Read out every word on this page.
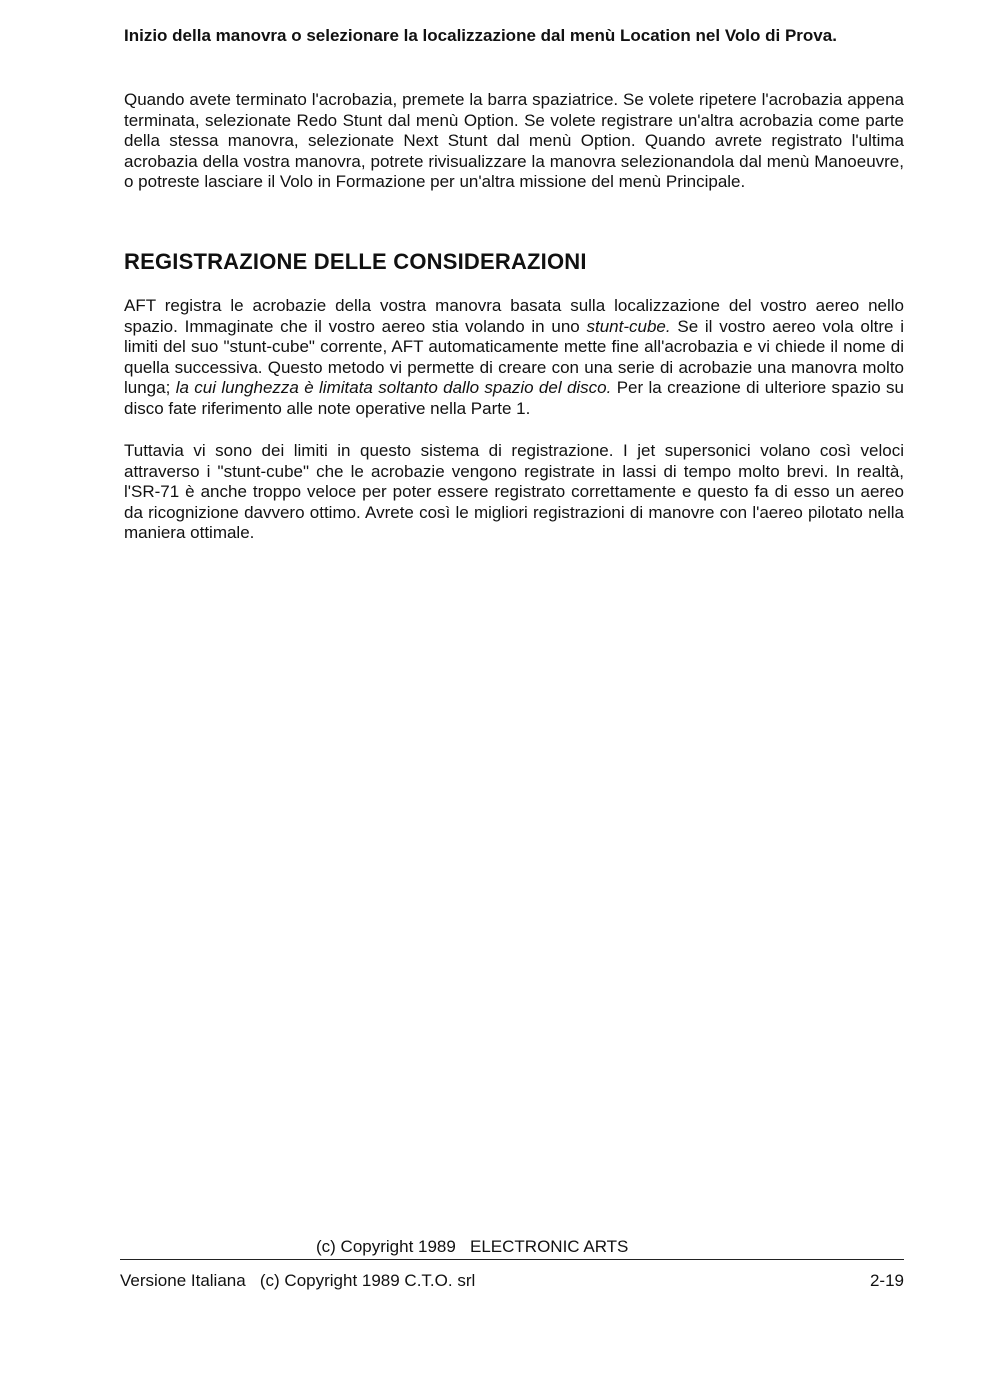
Inizio della manovra o selezionare la localizzazione dal menù Location nel Volo di Prova.

Quando avete terminato l'acrobazia, premete la barra spaziatrice. Se volete ripetere l'acrobazia appena terminata, selezionate Redo Stunt dal menù Option. Se volete registrare un'altra acrobazia come parte della stessa manovra, selezionate Next Stunt dal menù Option. Quando avrete registrato l'ultima acrobazia della vostra manovra, potrete rivisualizzare la manovra selezionandola dal menù Manoeuvre, o potreste lasciare il Volo in Formazione per un'altra missione del menù Principale.

REGISTRAZIONE DELLE CONSIDERAZIONI

AFT registra le acrobazie della vostra manovra basata sulla localizzazione del vostro aereo nello spazio. Immaginate che il vostro aereo stia volando in uno stunt-cube. Se il vostro aereo vola oltre i limiti del suo "stunt-cube" corrente, AFT automaticamente mette fine all'acrobazia e vi chiede il nome di quella successiva. Questo metodo vi permette di creare con una serie di acrobazie una manovra molto lunga; la cui lunghezza è limitata soltanto dallo spazio del disco. Per la creazione di ulteriore spazio su disco fate riferimento alle note operative nella Parte 1.

Tuttavia vi sono dei limiti in questo sistema di registrazione. I jet supersonici volano così veloci attraverso i "stunt-cube" che le acrobazie vengono registrate in lassi di tempo molto brevi. In realtà, l'SR-71 è anche troppo veloce per poter essere registrato correttamente e questo fa di esso un aereo da ricognizione davvero ottimo. Avrete così le migliori registrazioni di manovre con l'aereo pilotato nella maniera ottimale.

(c) Copyright 1989   ELECTRONIC ARTS

Versione Italiana   (c) Copyright 1989 C.T.O. srl	2-19
